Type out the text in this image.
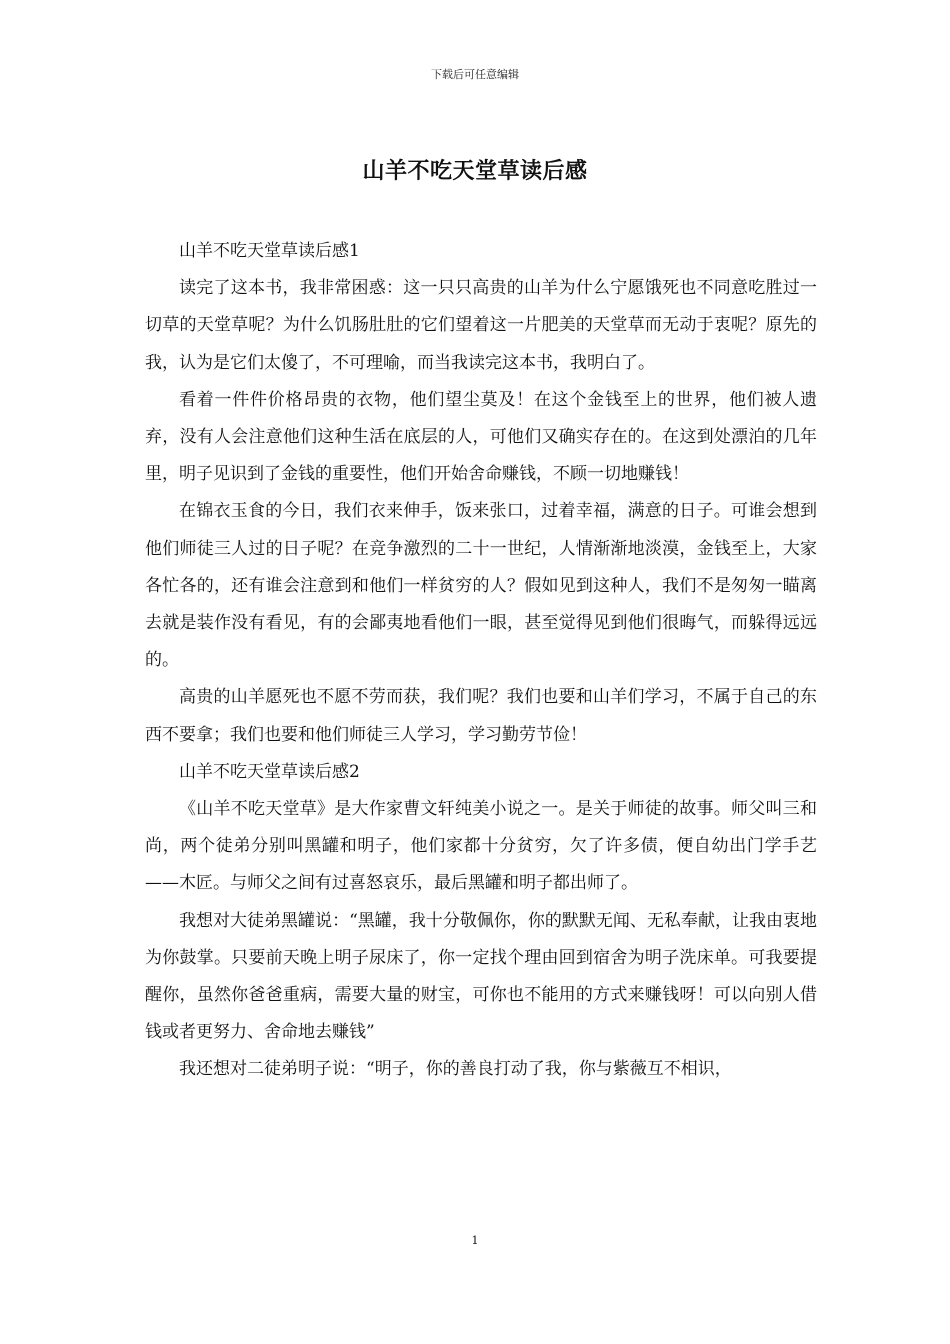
下载后可任意编辑
山羊不吃天堂草读后感

山羊不吃天堂草读后感1

读完了这本书，我非常困惑：这一只只高贵的山羊为什么宁愿饿死也不同意吃胜过一切草的天堂草呢？为什么饥肠肚肚的它们望着这一片肥美的天堂草而无动于衷呢？原先的我，认为是它们太傻了，不可理喻，而当我读完这本书，我明白了。

看着一件件价格昂贵的衣物，他们望尘莫及！在这个金钱至上的世界，他们被人遗弃，没有人会注意他们这种生活在底层的人，可他们又确实存在的。在这到处漂泊的几年里，明子见识到了金钱的重要性，他们开始舍命赚钱，不顾一切地赚钱！

在锦衣玉食的今日，我们衣来伸手，饭来张口，过着幸福，满意的日子。可谁会想到他们师徒三人过的日子呢？在竞争激烈的二十一世纪，人情渐渐地淡漠，金钱至上，大家各忙各的，还有谁会注意到和他们一样贫穷的人？假如见到这种人，我们不是匆匆一瞄离去就是装作没有看见，有的会鄙夷地看他们一眼，甚至觉得见到他们很晦气，而躲得远远的。

高贵的山羊愿死也不愿不劳而获，我们呢？我们也要和山羊们学习，不属于自己的东西不要拿；我们也要和他们师徒三人学习，学习勤劳节俭！

山羊不吃天堂草读后感2

《山羊不吃天堂草》是大作家曹文轩纯美小说之一。是关于师徒的故事。师父叫三和尚，两个徒弟分别叫黑罐和明子，他们家都十分贫穷，欠了许多债，便自幼出门学手艺——木匠。与师父之间有过喜怒哀乐，最后黑罐和明子都出师了。

我想对大徒弟黑罐说：“黑罐，我十分敬佩你，你的默默无闻、无私奉献，让我由衷地为你鼓掌。只要前天晚上明子尿床了，你一定找个理由回到宿舍为明子洗床单。可我要提醒你，虽然你爸爸重病，需要大量的财宝，可你也不能用的方式来赚钱呀！可以向别人借钱或者更努力、舍命地去赚钱”

我还想对二徒弟明子说：“明子，你的善良打动了我，你与紫薇互不相识，

1
